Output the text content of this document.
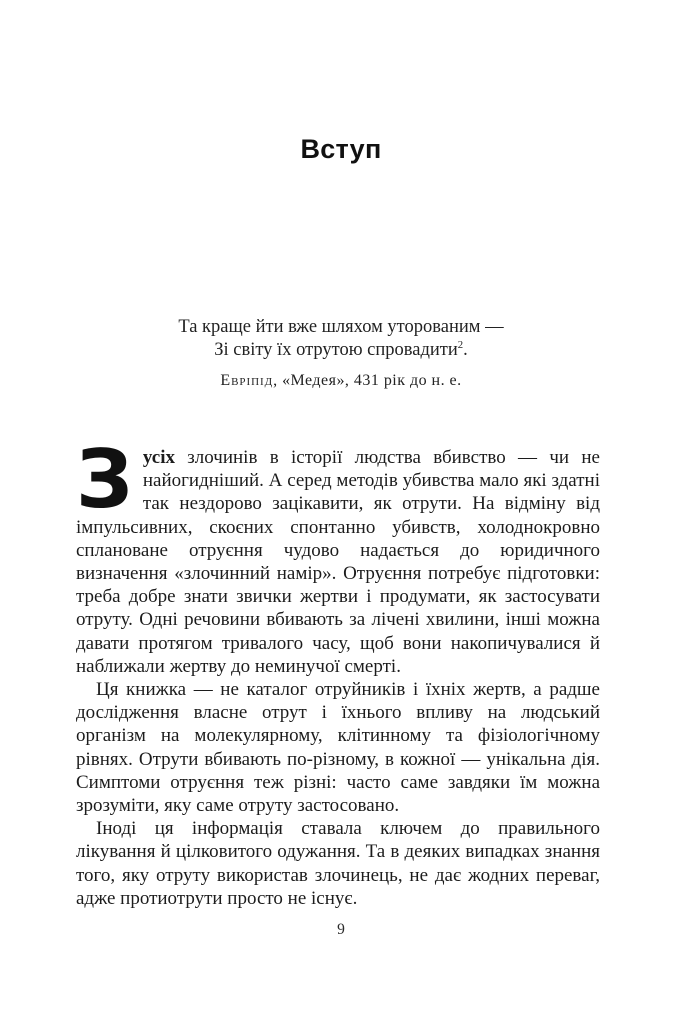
Вступ
Та краще йти вже шляхом уторованим —
Зі світу їх отрутою спровадити$^2$.
Евріпід, «Медея», 431 рік до н. е.

Зусіх злочинів в історії людства вбивство — чи не найогидніший. А серед методів убивства мало які здатні так нездорово зацікавити, як отрути. На відміну від імпульсивних, скоєних спонтанно убивств, холоднокровно сплановане отруєння чудово надається до юридичного визначення «злочинний намір». Отруєння потребує підготовки: треба добре знати звички жертви і продумати, як застосувати отруту. Одні речовини вбивають за лічені хвилини, інші можна давати протягом тривалого часу, щоб вони накопичувалися й наближали жертву до неминучої смерті.

Ця книжка — не каталог отруйників і їхніх жертв, а радше дослідження власне отрут і їхнього впливу на людський організм на молекулярному, клітинному та фізіологічному рівнях. Отрути вбивають по-різному, в кожної — унікальна дія. Симптоми отруєння теж різні: часто саме завдяки їм можна зрозуміти, яку саме отруту застосовано.

Іноді ця інформація ставала ключем до правильного лікування й цілковитого одужання. Та в деяких випадках знання того, яку отруту використав злочинець, не дає жодних переваг, адже протиотрути просто не існує.

9
